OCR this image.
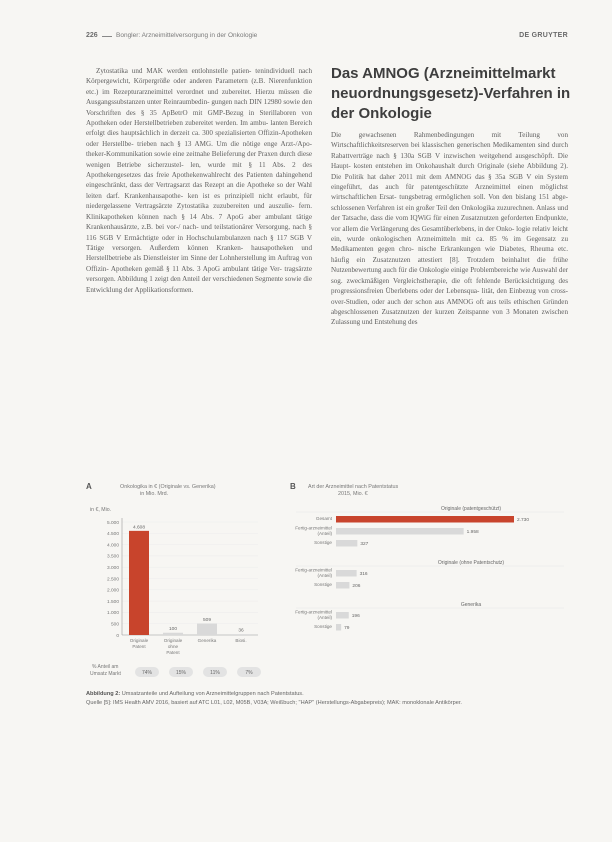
226	Bongler: Arzneimittelversorgung in der Onkologie	DE GRUYTER
Zytostatika und MAK werden entlohnstelle patien- tenindividuell nach Körpergewicht, Körpergröße oder anderen Parametern (z.B. Nierenfunktion etc.) im Rezepturarzneimittel verordnet und zubereitet. Hierzu müssen die Ausgangssubstanzen unter Reinraumbedin- gungen nach DIN 12980 sowie den Vorschriften des § 35 ApBetrO mit GMP-Bezug in Sterillaboren von Apotheken oder Herstellbetrieben zubereitet werden. Im ambu- lanten Bereich erfolgt dies hauptsächlich in derzeit ca. 300 spezialisierten Offizin-Apotheken oder Herstellbe- trieben nach § 13 AMG. Um die nötige enge Arzt-/Apo- theker-Kommunikation sowie eine zeitnahe Belieferung der Praxen durch diese wenigen Betriebe sicherzustel- len, wurde mit § 11 Abs. 2 des Apothekengesetzes das freie Apothekenwahlrecht des Patienten dahingehend eingeschränkt, dass der Vertragsarzt das Rezept an die Apotheke so der Wahl leiten darf. Krankenhausapothe- ken ist es prinzipiell nicht erlaubt, für niedergelassene Vertragsärzte Zytostatika zuzubereiten und auszulie- fern. Klinikapotheken können nach § 14 Abs. 7 ApoG aber ambulant tätige Krankenhausärzte, z.B. bei vor-/ nach- und teilstationärer Versorgung, nach § 116 SGB V Ermächtigte oder in Hochschulambulanzen nach § 117 SGB V Tätige versorgen. Außerdem können Kranken- hausapotheken und Herstellbetriebe als Dienstleister im Sinne der Lohnherstellung im Auftrag von Offizin- Apotheken gemäß § 11 Abs. 3 ApoG ambulant tätige Ver- tragsärzte versorgen. Abbildung 1 zeigt den Anteil der verschiedenen Segmente sowie die Entwicklung der Applikationsformen.
Das AMNOG (Arzneimittelmarkt neuordnungsgesetz)-Verfahren in der Onkologie
Die gewachsenen Rahmenbedingungen mit Teilung von Wirtschaftlichkeitsreserven bei klassischen generischen Medikamenten sind durch Rabattverträge nach § 130a SGB V inzwischen weitgehend ausgeschöpft. Die Haupt- kosten entstehen im Onkohaushalt durch Originale (siehe Abbildung 2). Die Politik hat daher 2011 mit dem AMNOG das § 35a SGB V ein System eingeführt, das auch für patentgeschützte Arzneimittel einen möglichst wirtschaftlichen Ersat- tungsbetrag ermöglichen soll. Von den bislang 151 abge- schlossenen Verfahren ist ein großer Teil den Onkologika zuzurechnen. Anlass und der Tatsache, dass die vom IQWiG für einen Zusatznutzen geforderten Endpunkte, vor allem die Verlängerung des Gesamtüberlebens, in der Onko- logie relativ leicht ein, wurde onkologischen Arzneimitteln mit ca. 85 % im Gegensatz zu Medikamenten gegen chro- nische Erkrankungen wie Diabetes, Rheuma etc. häufig ein Zusatznutzen attestiert [8]. Trotzdem beinhaltet die frühe Nutzenbewertung auch für die Onkologie einige Problembereiche wie Auswahl der sog. zweckmäßigen Vergleichstherapie, die oft fehlende Berücksichtigung des progressionsfreien Überlebens oder der Lebensqua- lität, den Einbezug von cross-over-Studien, oder auch der schon aus AMNOG oft aus teils ethischen Gründen abgeschlossenen Zusatznutzen der kurzen Zeitspanne von 3 Monaten zwischen Zulassung und Entstehung des
A	Onkologika in € (Originale vs. Generika)
in Mio. Mrd.
in €, Mio.
0
500
1.000
1.500
2.000
2.500
3.000
3.500
4.000
4.500
5.000
4.608
Originale
Patent
100
Originale
ohne
Patent
509
Generika
36
Biosi.
% Anteil am
Umsatz Markt	74%	15%	11%	7%
B Art der Arzneimittel nach Patentstatus
2015, Mio. €
Originale (patentgeschützt)
Gesamt	2.730
Fertig-arzneimittel
(Anteil)	1.958
Sonstige	327
Originale (ohne Patentschutz)
Fertig-arzneimittel
(Anteil)	316
Sonstige	206
Generika
Fertig-arzneimittel
(Anteil)	196
Sonstige	79
Abbildung 2: Umsatzanteile und Aufteilung von Arzneimittelgruppen nach Patentstatus.
Quelle [5]: IMS Health AMV 2016, basiert auf ATC L01, L02, M05B, V03A; Weißbuch; ''HAP'' (Herstellungs-Abgabepreis); MAK: monoklonale Antikörper.
